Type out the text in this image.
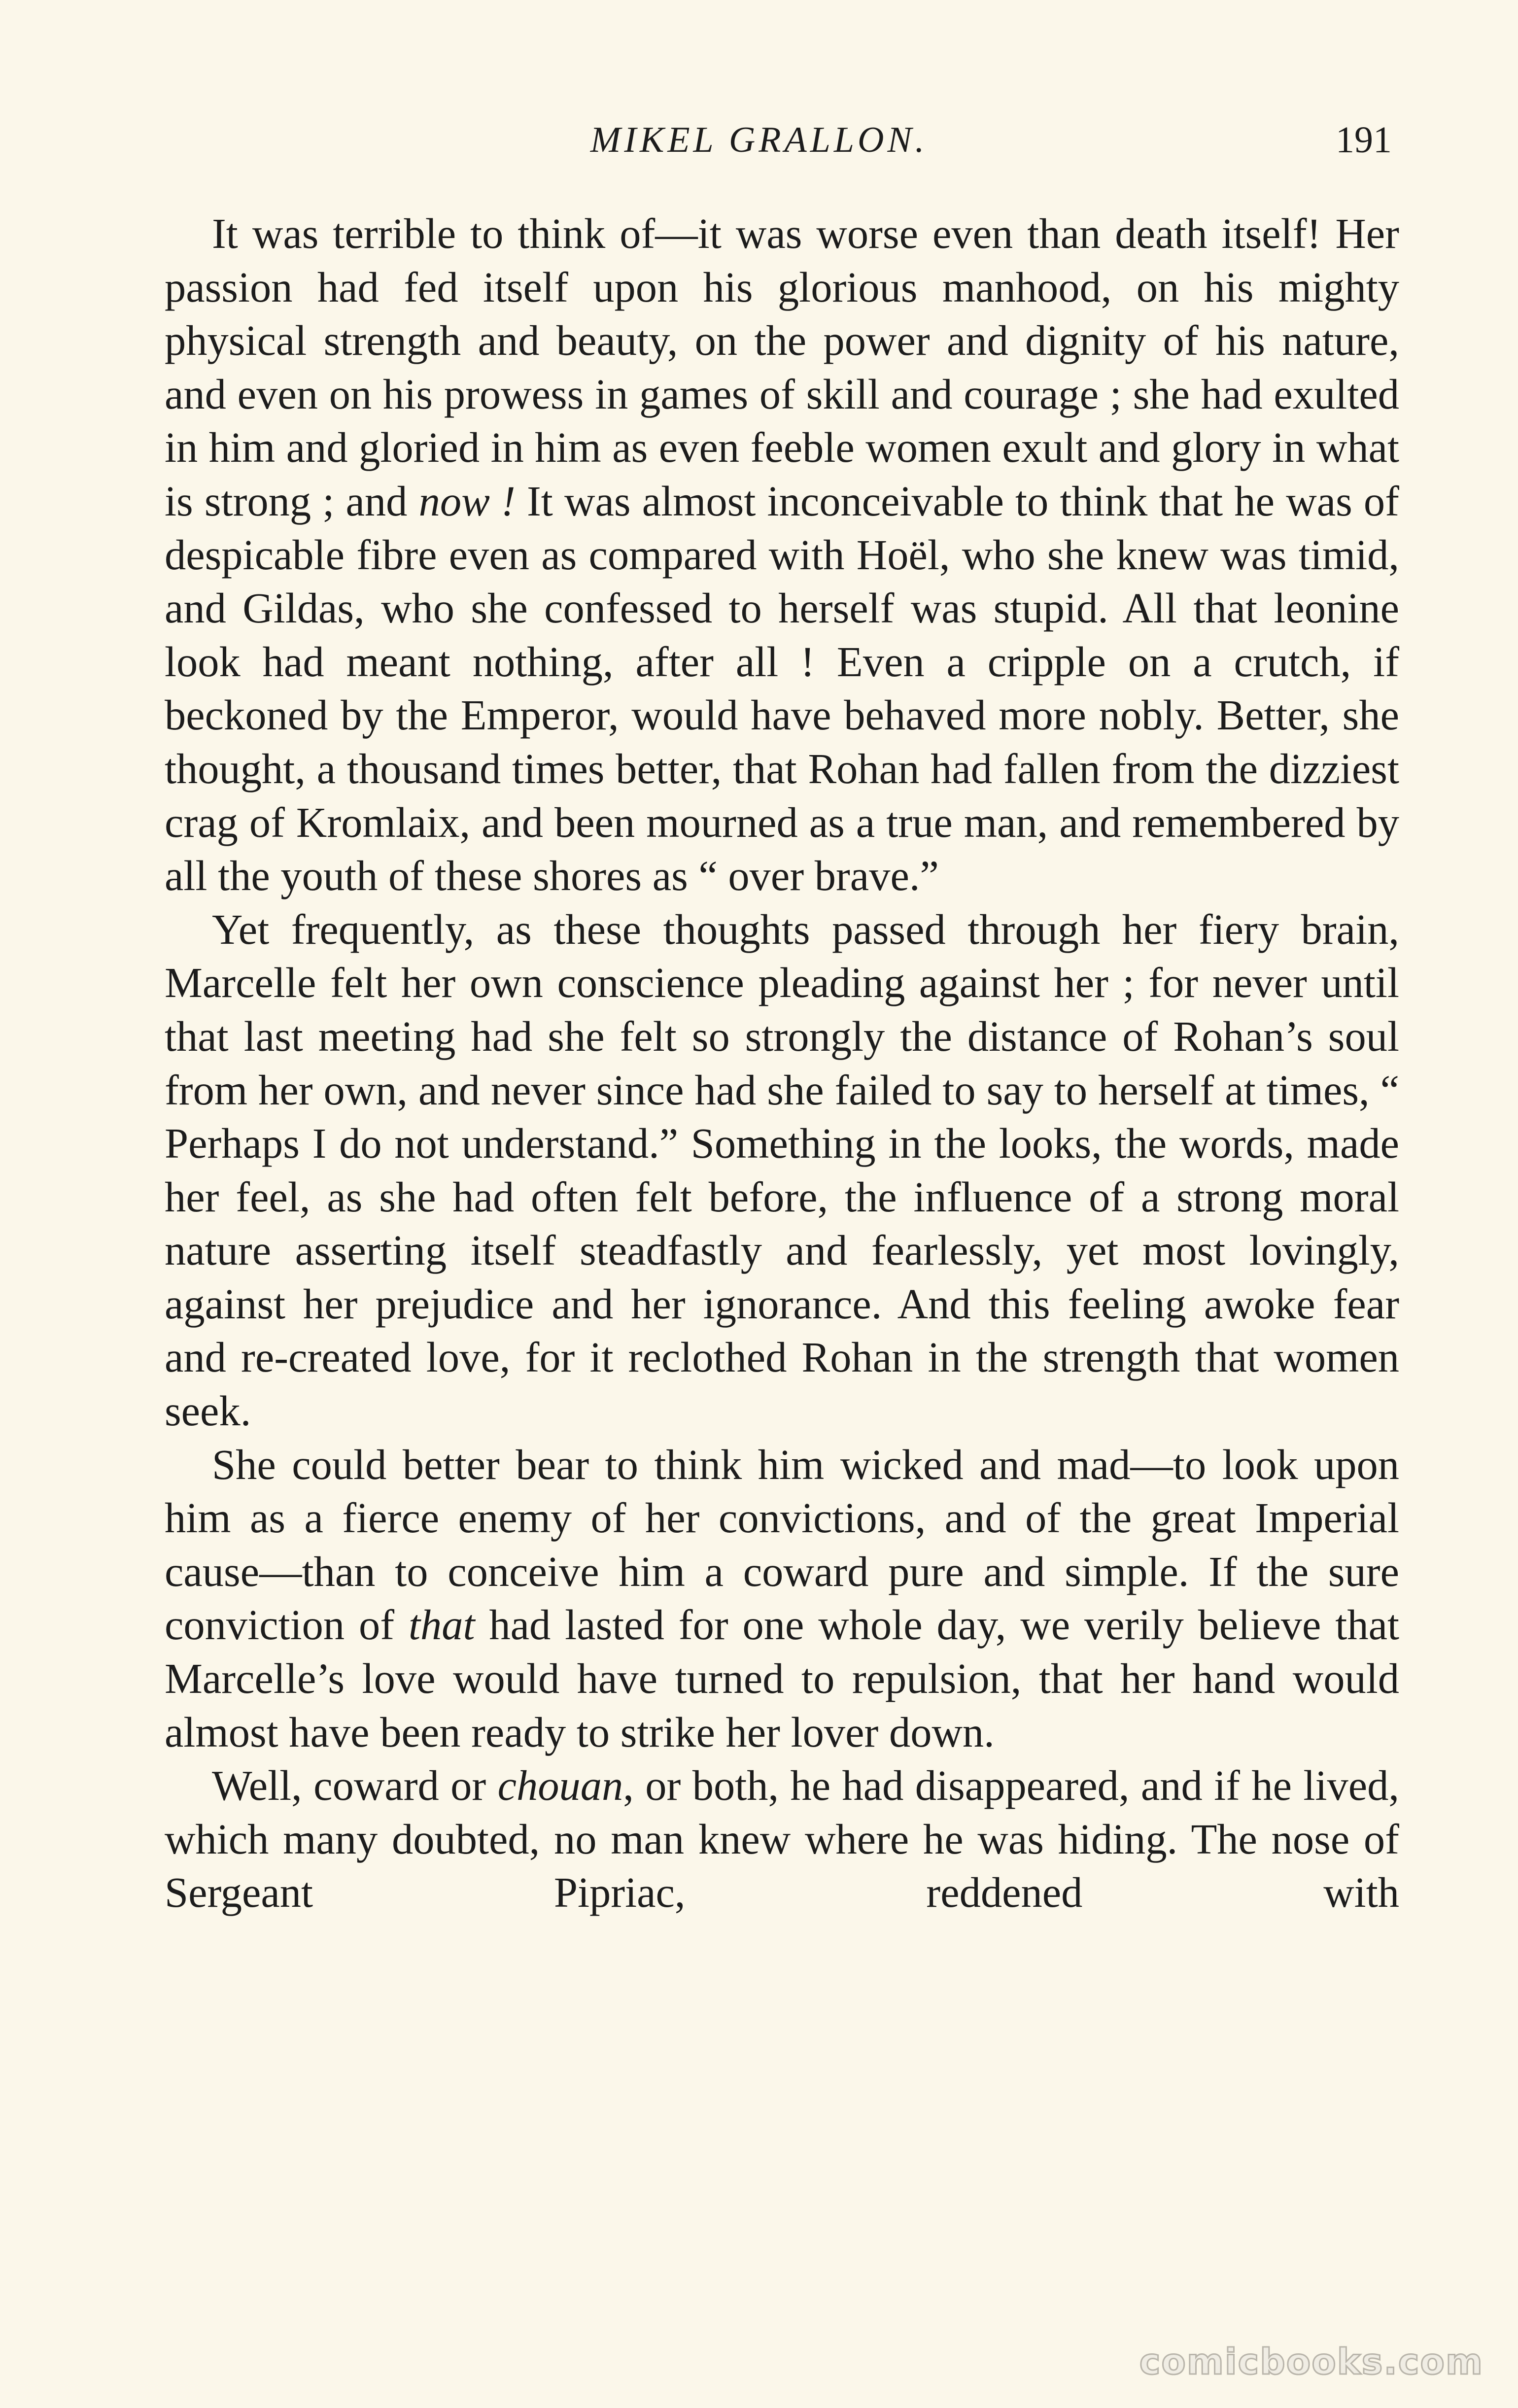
MIKEL GRALLON.	191

It was terrible to think of—it was worse even than death itself! Her passion had fed itself upon his glorious manhood, on his mighty physical strength and beauty, on the power and dignity of his nature, and even on his prowess in games of skill and courage ; she had exulted in him and gloried in him as even feeble women exult and glory in what is strong ; and now ! It was almost inconceivable to think that he was of despicable fibre even as compared with Hoël, who she knew was timid, and Gildas, who she confessed to herself was stupid. All that leonine look had meant nothing, after all ! Even a cripple on a crutch, if beckoned by the Emperor, would have behaved more nobly. Better, she thought, a thousand times better, that Rohan had fallen from the dizziest crag of Kromlaix, and been mourned as a true man, and remembered by all the youth of these shores as “ over brave.”

Yet frequently, as these thoughts passed through her fiery brain, Marcelle felt her own conscience pleading against her ; for never until that last meeting had she felt so strongly the distance of Rohan’s soul from her own, and never since had she failed to say to herself at times, “ Perhaps I do not understand.” Something in the looks, the words, made her feel, as she had often felt before, the influence of a strong moral nature asserting itself steadfastly and fearlessly, yet most lovingly, against her prejudice and her ignorance. And this feeling awoke fear and re-created love, for it reclothed Rohan in the strength that women seek.

She could better bear to think him wicked and mad—to look upon him as a fierce enemy of her convictions, and of the great Imperial cause—than to conceive him a coward pure and simple. If the sure conviction of that had lasted for one whole day, we verily believe that Marcelle’s love would have turned to repulsion, that her hand would almost have been ready to strike her lover down.

Well, coward or chouan, or both, he had disappeared, and if he lived, which many doubted, no man knew where he was hiding. The nose of Sergeant Pipriac, reddened with

comicbooks.com
